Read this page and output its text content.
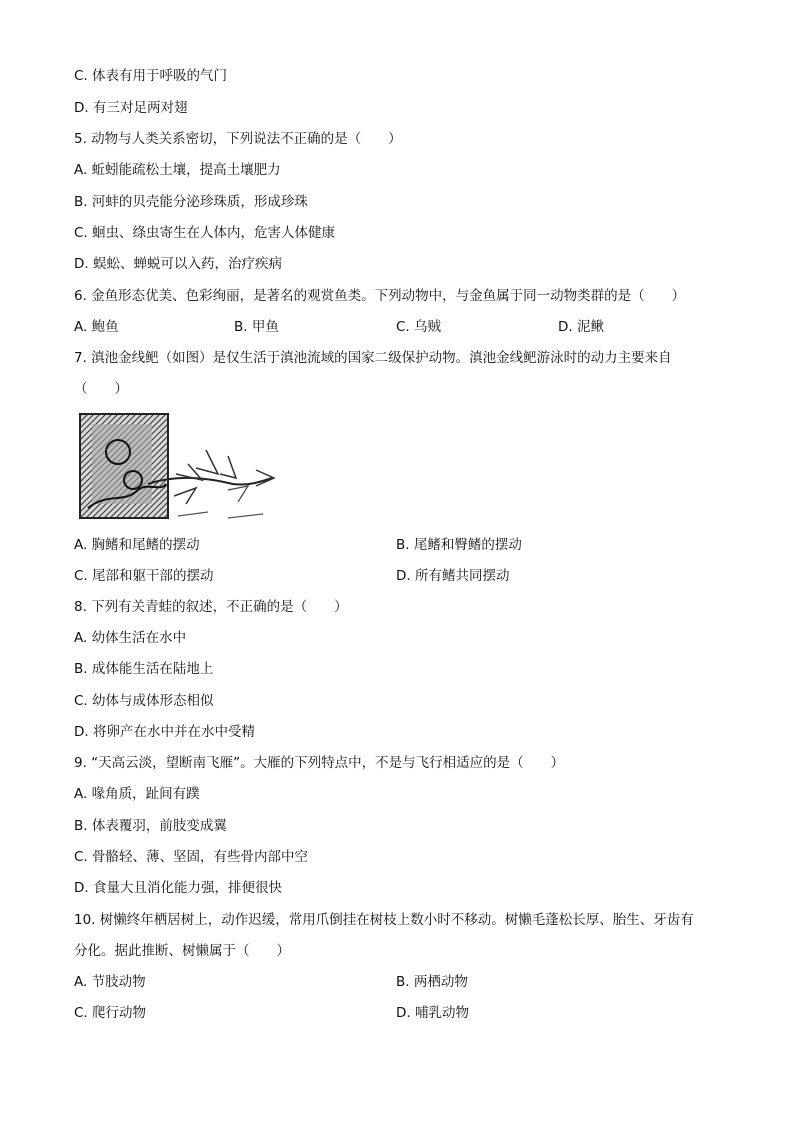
C. 体表有用于呼吸的气门
D. 有三对足两对翅
5. 动物与人类关系密切，下列说法不正确的是（　　）
A. 蚯蚓能疏松土壤，提高土壤肥力
B. 河蚌的贝壳能分泌珍珠质，形成珍珠
C. 蛔虫、绦虫寄生在人体内，危害人体健康
D. 蜈蚣、蝉蜕可以入药，治疗疾病
6. 金鱼形态优美、色彩绚丽，是著名的观赏鱼类。下列动物中，与金鱼属于同一动物类群的是（　　）
A. 鲍鱼	B. 甲鱼	C. 乌贼	D. 泥鳅
7. 滇池金线鲃（如图）是仅生活于滇池流域的国家二级保护动物。滇池金线鲃游泳时的动力主要来自
（　　）
A. 胸鳍和尾鳍的摆动	B. 尾鳍和臀鳍的摆动
C. 尾部和躯干部的摆动	D. 所有鳍共同摆动
8. 下列有关青蛙的叙述，不正确的是（　　）
A. 幼体生活在水中
B. 成体能生活在陆地上
C. 幼体与成体形态相似
D. 将卵产在水中并在水中受精
9. “天高云淡，望断南飞雁”。大雁的下列特点中，不是与飞行相适应的是（　　）
A. 喙角质，趾间有蹼
B. 体表覆羽，前肢变成翼
C. 骨骼轻、薄、坚固，有些骨内部中空
D. 食量大且消化能力强，排便很快
10. 树懒终年栖居树上，动作迟缓，常用爪倒挂在树枝上数小时不移动。树懒毛蓬松长厚、胎生、牙齿有
分化。据此推断、树懒属于（　　）
A. 节肢动物	B. 两栖动物
C. 爬行动物	D. 哺乳动物
